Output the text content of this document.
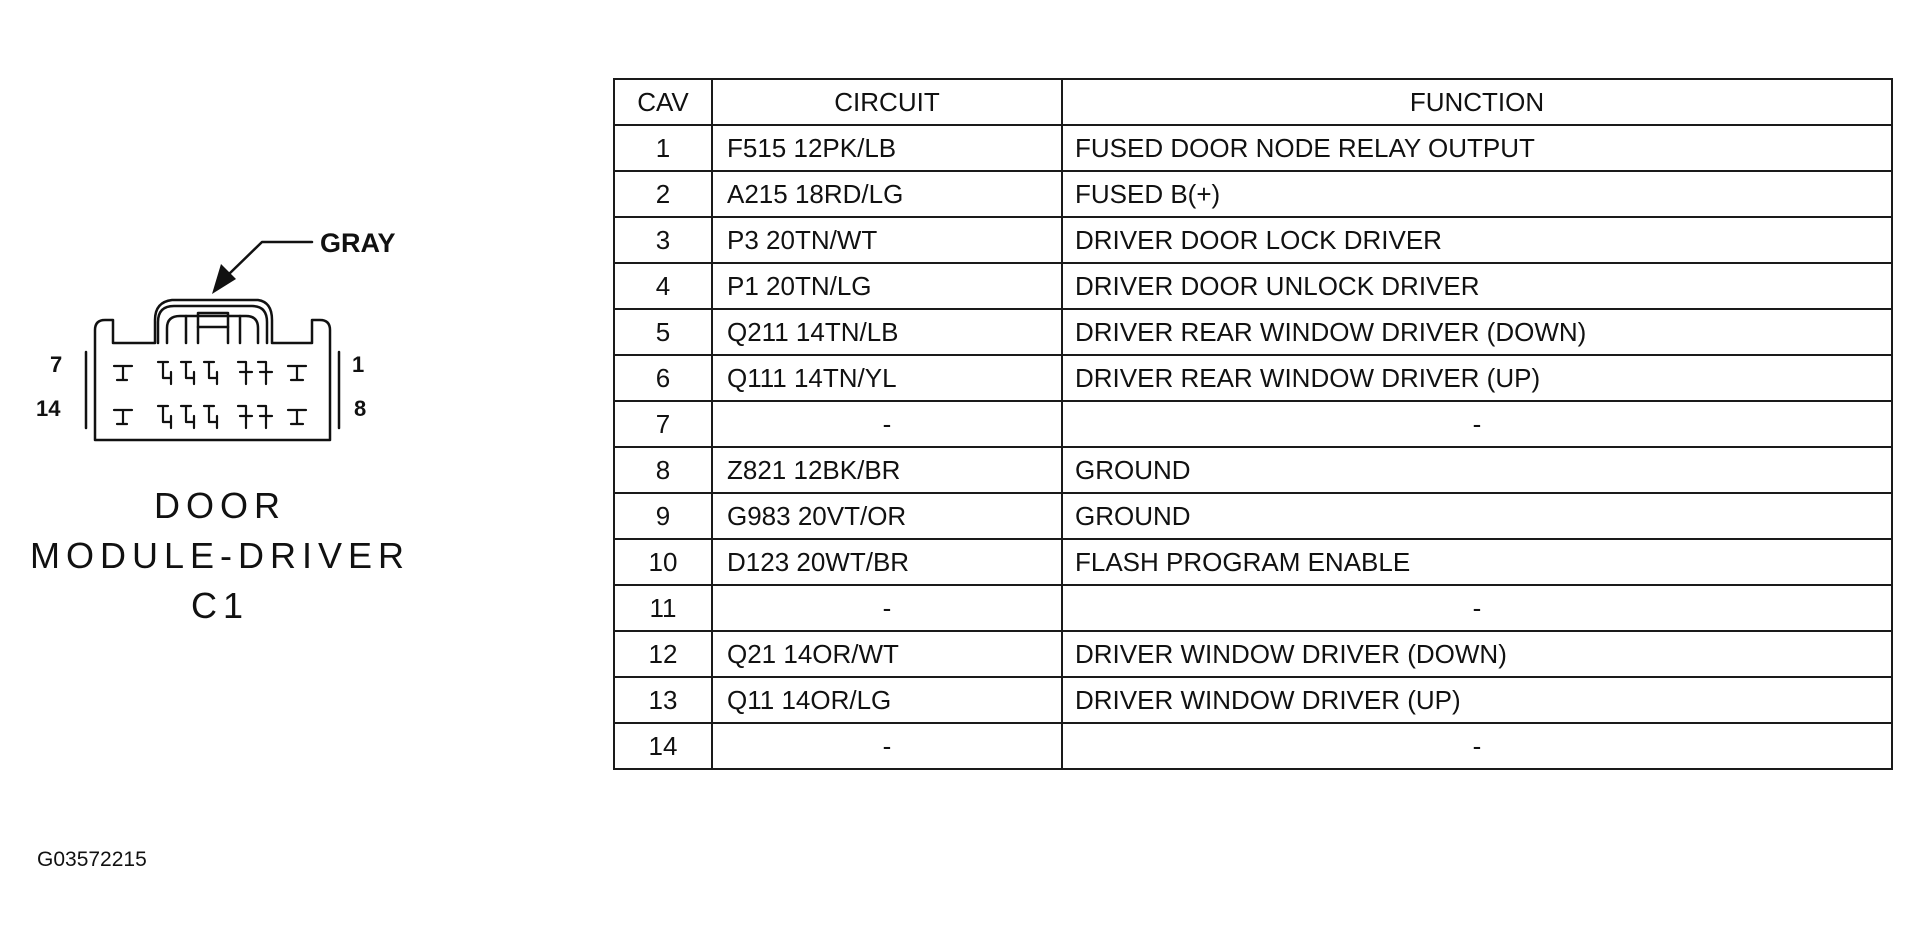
GRAY
7
14
1
8
DOOR
MODULE-DRIVER
C1
CAV	CIRCUIT	FUNCTION
1	F515 12PK/LB	FUSED DOOR NODE RELAY OUTPUT
2	A215 18RD/LG	FUSED B(+)
3	P3 20TN/WT	DRIVER DOOR LOCK DRIVER
4	P1 20TN/LG	DRIVER DOOR UNLOCK DRIVER
5	Q211 14TN/LB	DRIVER REAR WINDOW DRIVER (DOWN)
6	Q111 14TN/YL	DRIVER REAR WINDOW DRIVER (UP)
7	-	-
8	Z821 12BK/BR	GROUND
9	G983 20VT/OR	GROUND
10	D123 20WT/BR	FLASH PROGRAM ENABLE
11	-	-
12	Q21 14OR/WT	DRIVER WINDOW DRIVER (DOWN)
13	Q11 14OR/LG	DRIVER WINDOW DRIVER (UP)
14	-	-
G03572215
